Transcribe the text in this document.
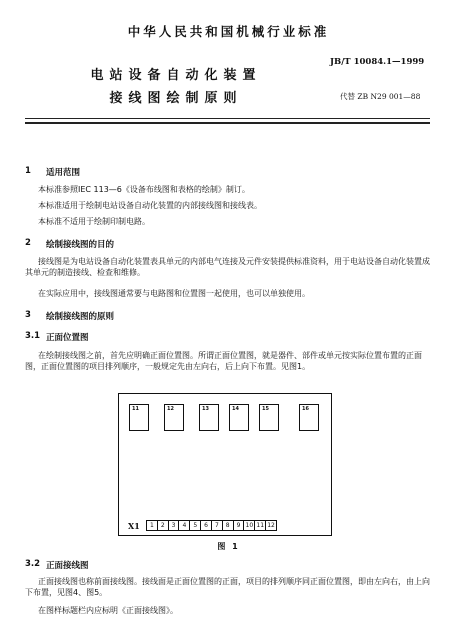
中华人民共和国机械行业标准
JB/T 10084.1—1999
电站设备自动化装置
接线图绘制原则	代替 ZB N29 001—88
1 适用范围
本标准参照IEC 113—6《设备布线图和表格的绘制》制订。
本标准适用于绘制电站设备自动化装置的内部接线图和接线表。
本标准不适用于绘制印制电路。
2 绘制接线图的目的
接线图是为电站设备自动化装置表具单元的内部电气连接及元件安装提供标准资料，用于电站设备自动化装置成其单元的制造接线、检查和维修。
在实际应用中，接线图通常要与电路图和位置图一起使用，也可以单独使用。
3 绘制接线图的原则
3.1 正面位置图
在绘制接线图之前，首先应明确正面位置图。所谓正面位置图，就是器件、部件或单元按实际位置布置的正面图，正面位置图的项目排列顺序，一般规定先由左向右，后上向下布置。见图1。
11	12	13	14	15	16
X1	1	2	3	4	5	6	7	8	9 10 11 12
图 1
3.2 正面接线图
正面接线图也称前面接线图。接线面是正面位置图的正面，项目的排列顺序同正面位置图，即由左向右，由上向下布置，见图4、图5。
在图样标题栏内应标明《正面接线图》。
